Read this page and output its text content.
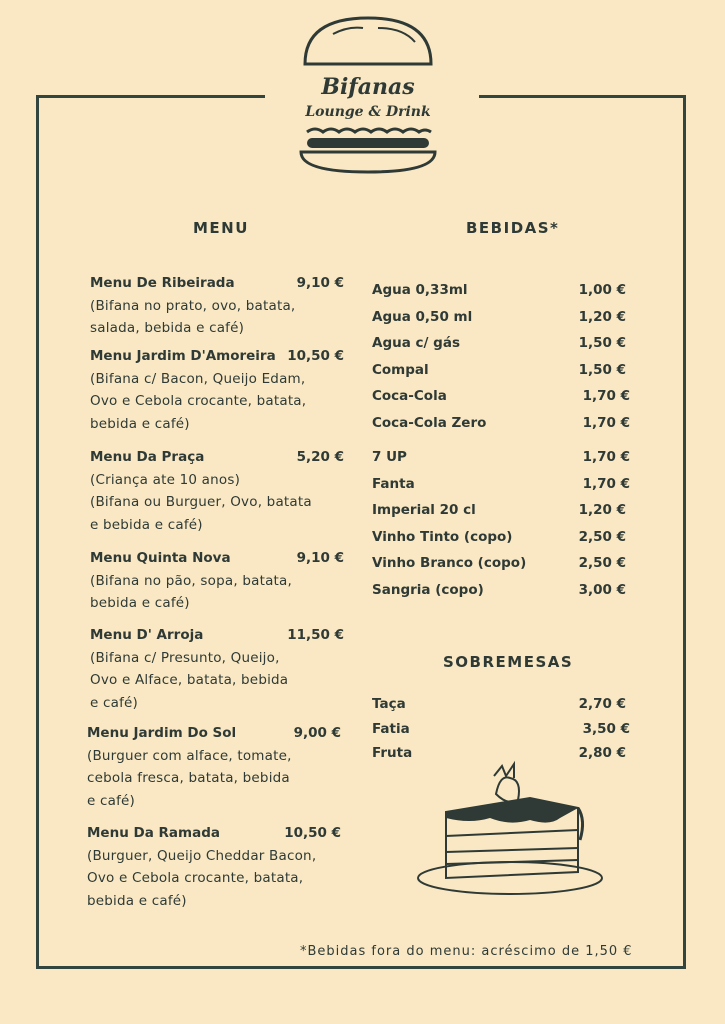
Bifanas
Lounge & Drink
MENU	BEBIDAS*
SOBREMESAS
Menu De Ribeirada	9,10 €
(Bifana no prato, ovo, batata,
salada, bebida e café)
Menu Jardim D'Amoreira 10,50 €
(Bifana c/ Bacon, Queijo Edam,
Ovo e Cebola crocante, batata,
bebida e café)
Menu Da Praça	5,20 €
(Criança ate 10 anos)
(Bifana ou Burguer, Ovo, batata
e bebida e café)
Menu Quinta Nova	9,10 €
(Bifana no pão, sopa, batata,
bebida e café)
Menu D' Arroja	11,50 €
(Bifana c/ Presunto, Queijo,
Ovo e Alface, batata, bebida
e café)
Menu Jardim Do Sol	9,00 €
(Burguer com alface, tomate,
cebola fresca, batata, bebida
e café)
Menu Da Ramada	10,50 €
(Burguer, Queijo Cheddar Bacon,
Ovo e Cebola crocante, batata,
bebida e café)
Agua 0,33ml	1,00 €
Agua 0,50 ml	1,20 €
Agua c/ gás	1,50 €
Compal	1,50 €
Coca-Cola	1,70 €
Coca-Cola Zero	1,70 €
7 UP	1,70 €
Fanta	1,70 €
Imperial 20 cl	1,20 €
Vinho Tinto (copo)	2,50 €
Vinho Branco (copo)	2,50 €
Sangria (copo)	3,00 €
Taça	2,70 €
Fatia	3,50 €
Fruta	2,80 €
*Bebidas fora do menu: acréscimo de 1,50 €
